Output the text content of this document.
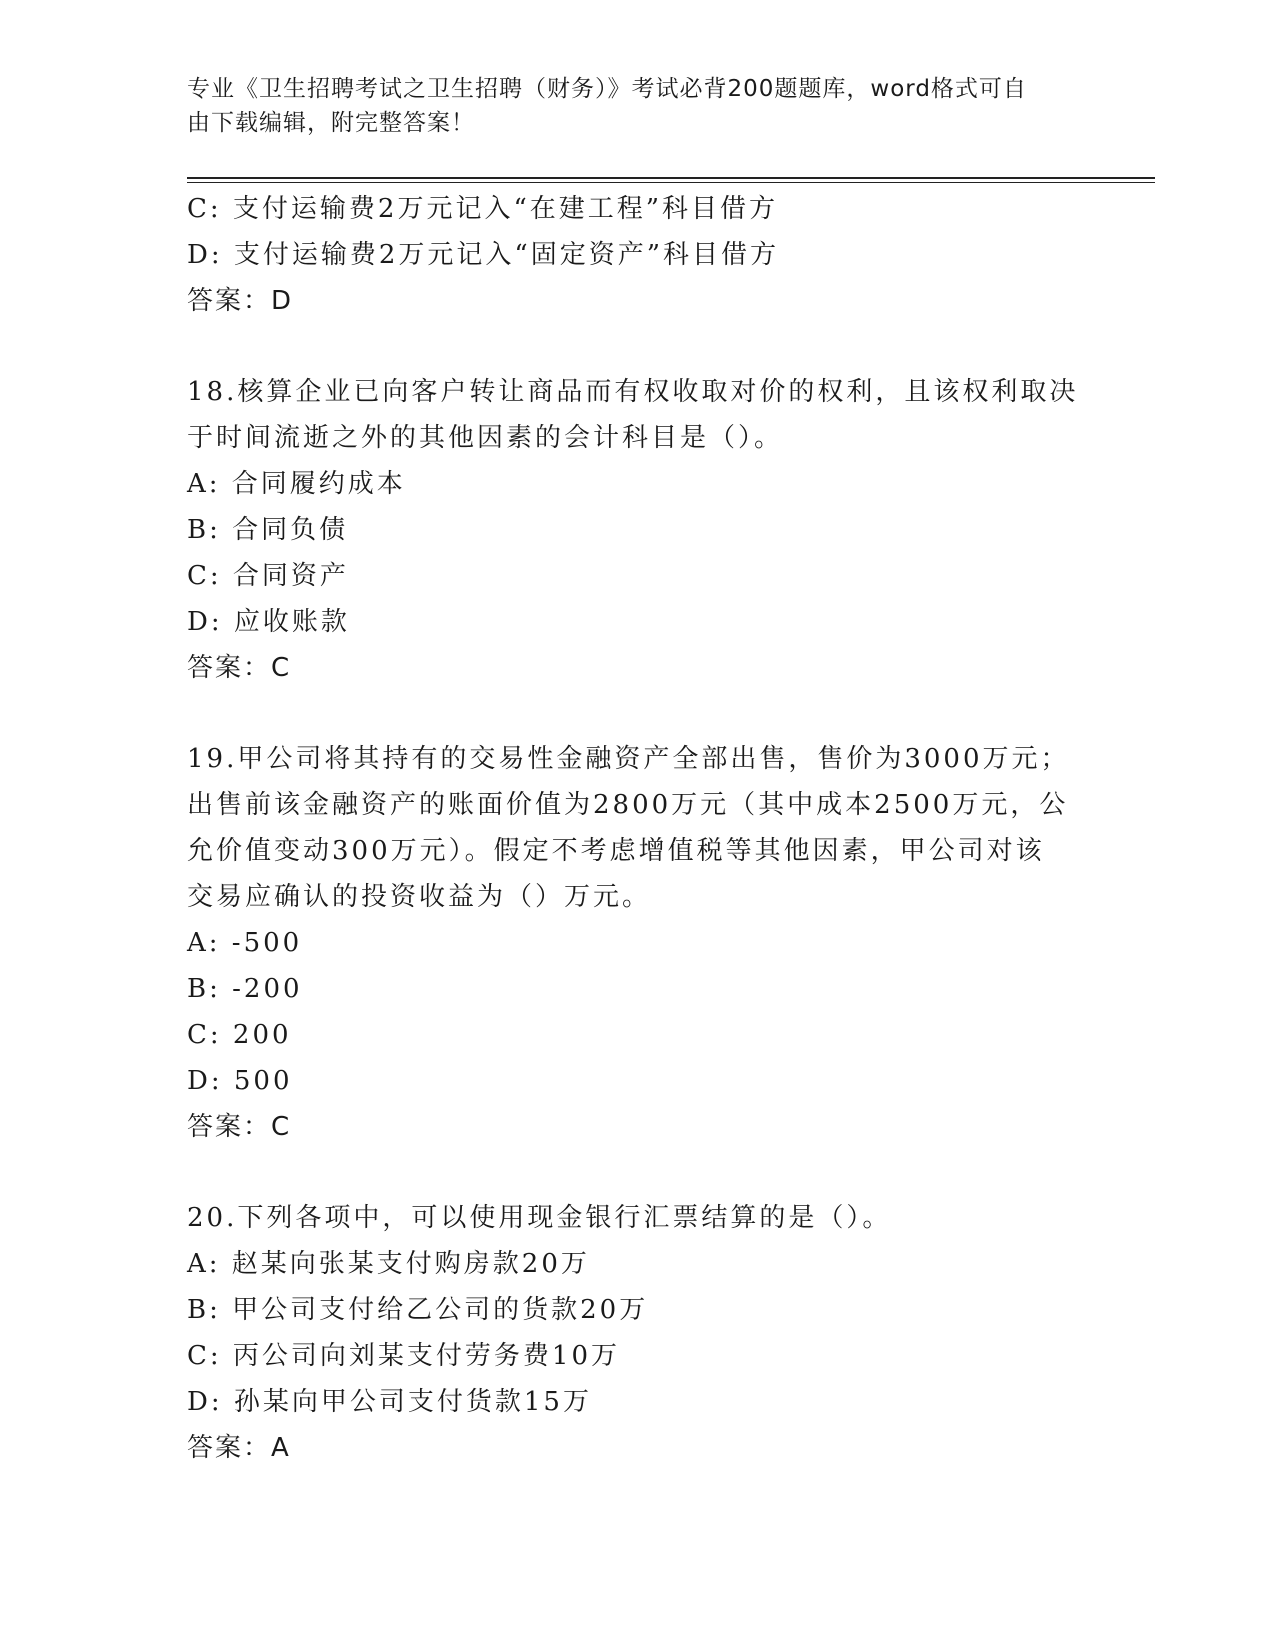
专业《卫生招聘考试之卫生招聘（财务）》考试必背200题题库，word格式可自
由下载编辑，附完整答案！
C: 支付运输费2万元记入“在建工程”科目借方
D: 支付运输费2万元记入“固定资产”科目借方
答案：D
18.核算企业已向客户转让商品而有权收取对价的权利，且该权利取决
于时间流逝之外的其他因素的会计科目是（）。
A: 合同履约成本
B: 合同负债
C: 合同资产
D: 应收账款
答案：C
19.甲公司将其持有的交易性金融资产全部出售，售价为3000万元；
出售前该金融资产的账面价值为2800万元（其中成本2500万元，公
允价值变动300万元）。假定不考虑增值税等其他因素，甲公司对该
交易应确认的投资收益为（）万元。
A: -500
B: -200
C: 200
D: 500
答案：C
20.下列各项中，可以使用现金银行汇票结算的是（）。
A: 赵某向张某支付购房款20万
B: 甲公司支付给乙公司的货款20万
C: 丙公司向刘某支付劳务费10万
D: 孙某向甲公司支付货款15万
答案：A
